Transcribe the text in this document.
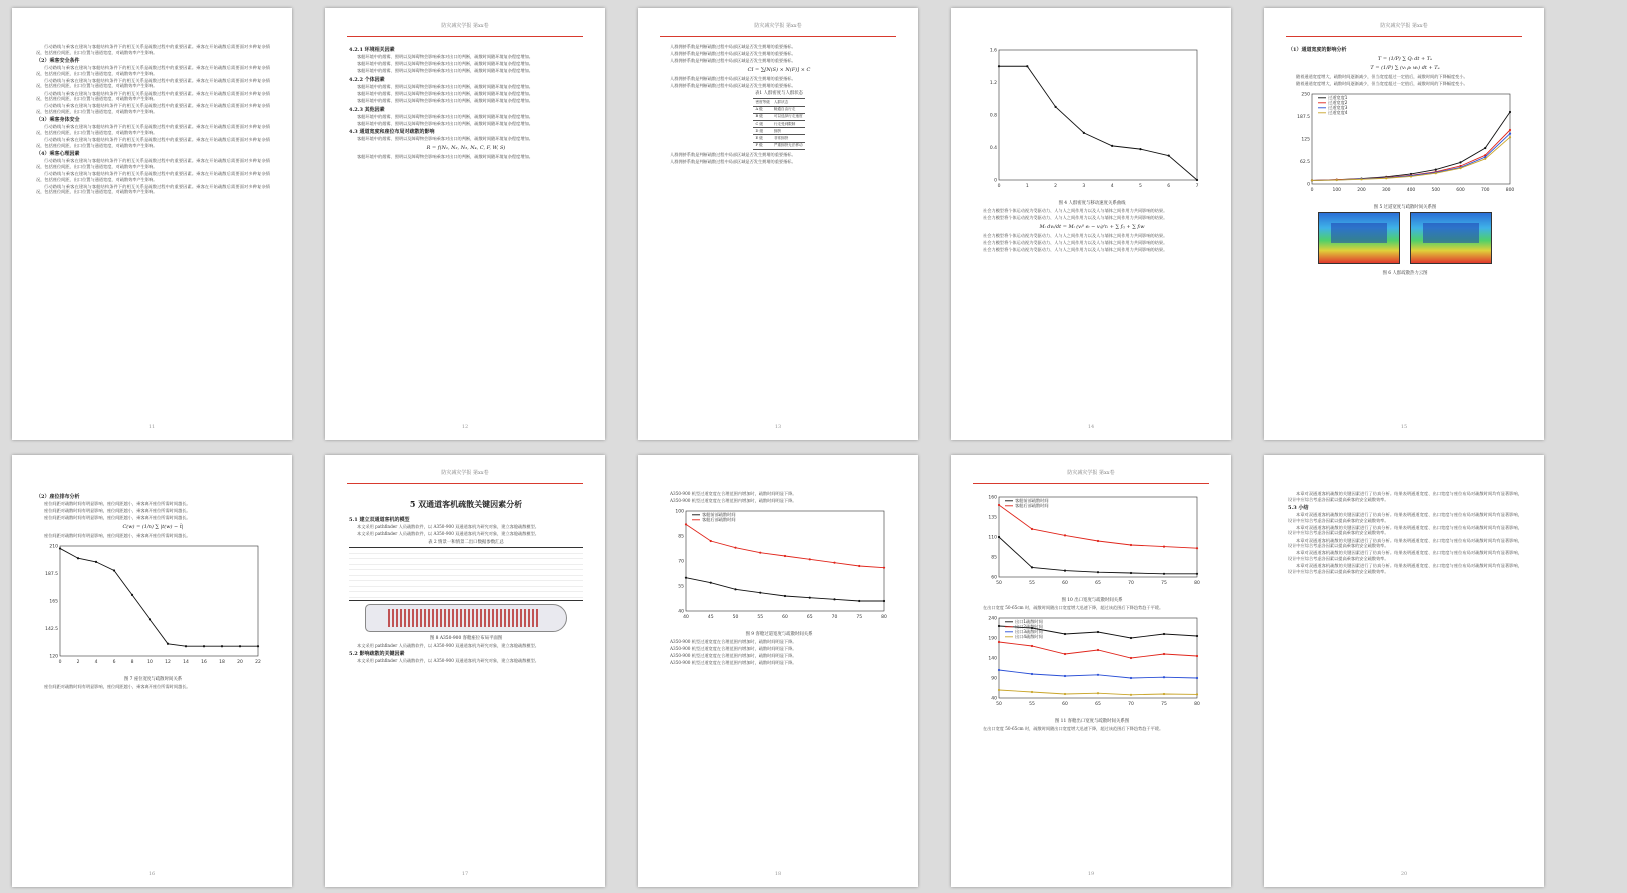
行动路线与乘客在建筑与客舱结构条件下的相互关系是疏散过程中的重要因素。乘客在开始疏散后需要面对多种复杂情况，包括座位间距、出口位置与通道宽度，对疏散效率产生影响。

（2）乘客安全条件

行动路线与乘客在建筑与客舱结构条件下的相互关系是疏散过程中的重要因素。乘客在开始疏散后需要面对多种复杂情况，包括座位间距、出口位置与通道宽度，对疏散效率产生影响。

行动路线与乘客在建筑与客舱结构条件下的相互关系是疏散过程中的重要因素。乘客在开始疏散后需要面对多种复杂情况，包括座位间距、出口位置与通道宽度，对疏散效率产生影响。

行动路线与乘客在建筑与客舱结构条件下的相互关系是疏散过程中的重要因素。乘客在开始疏散后需要面对多种复杂情况，包括座位间距、出口位置与通道宽度，对疏散效率产生影响。

行动路线与乘客在建筑与客舱结构条件下的相互关系是疏散过程中的重要因素。乘客在开始疏散后需要面对多种复杂情况，包括座位间距、出口位置与通道宽度，对疏散效率产生影响。

（3）乘客身体安全

行动路线与乘客在建筑与客舱结构条件下的相互关系是疏散过程中的重要因素。乘客在开始疏散后需要面对多种复杂情况，包括座位间距、出口位置与通道宽度，对疏散效率产生影响。

行动路线与乘客在建筑与客舱结构条件下的相互关系是疏散过程中的重要因素。乘客在开始疏散后需要面对多种复杂情况，包括座位间距、出口位置与通道宽度，对疏散效率产生影响。

（4）乘客心理因素

行动路线与乘客在建筑与客舱结构条件下的相互关系是疏散过程中的重要因素。乘客在开始疏散后需要面对多种复杂情况，包括座位间距、出口位置与通道宽度，对疏散效率产生影响。

行动路线与乘客在建筑与客舱结构条件下的相互关系是疏散过程中的重要因素。乘客在开始疏散后需要面对多种复杂情况，包括座位间距、出口位置与通道宽度，对疏散效率产生影响。

行动路线与乘客在建筑与客舱结构条件下的相互关系是疏散过程中的重要因素。乘客在开始疏散后需要面对多种复杂情况，包括座位间距、出口位置与通道宽度，对疏散效率产生影响。

11
防灾减灾学报 第xx卷
4.2.1 环境相关因素

客舱环境中的烟雾、照明以及障碍物会影响乘客对出口的判断，疏散时间随环境复杂程度增加。

客舱环境中的烟雾、照明以及障碍物会影响乘客对出口的判断，疏散时间随环境复杂程度增加。

客舱环境中的烟雾、照明以及障碍物会影响乘客对出口的判断，疏散时间随环境复杂程度增加。

4.2.2 个体因素

客舱环境中的烟雾、照明以及障碍物会影响乘客对出口的判断，疏散时间随环境复杂程度增加。

客舱环境中的烟雾、照明以及障碍物会影响乘客对出口的判断，疏散时间随环境复杂程度增加。

客舱环境中的烟雾、照明以及障碍物会影响乘客对出口的判断，疏散时间随环境复杂程度增加。

4.2.3 其他因素

客舱环境中的烟雾、照明以及障碍物会影响乘客对出口的判断，疏散时间随环境复杂程度增加。

客舱环境中的烟雾、照明以及障碍物会影响乘客对出口的判断，疏散时间随环境复杂程度增加。

4.3 通道宽度和座位布局对疏散的影响

客舱环境中的烟雾、照明以及障碍物会影响乘客对出口的判断，疏散时间随环境复杂程度增加。

R = f(N₁, N₂, N₃, N₄, C, F, W, S)

客舱环境中的烟雾、照明以及障碍物会影响乘客对出口的判断，疏散时间随环境复杂程度增加。

12
防灾减灾学报 第xx卷

人群拥挤系数是判断疏散过程中局部区域是否发生拥堵的重要指标。

人群拥挤系数是判断疏散过程中局部区域是否发生拥堵的重要指标。

人群拥挤系数是判断疏散过程中局部区域是否发生拥堵的重要指标。

CI = ∑[N(S) × N(F)] × C

人群拥挤系数是判断疏散过程中局部区域是否发生拥堵的重要指标。

人群拥挤系数是判断疏散过程中局部区域是否发生拥堵的重要指标。

表1 人群密度与人群状态
密度等级	人群状态
A 级	畅通自由行走
B 级	可以选择行走速度
C 级	行走受到限制
D 级	拥挤
E 级	非常拥挤
F 级	严重拥挤无法移动

人群拥挤系数是判断疏散过程中局部区域是否发生拥堵的重要指标。

人群拥挤系数是判断疏散过程中局部区域是否发生拥堵的重要指标。

13
0	1	2	3	4	5	6	7
0
0.4
0.8
1.2
1.6
图 4 人群密度与移动速度关系曲线

社会力模型将个体运动视为受驱动力、人与人之间作用力以及人与墙体之间作用力共同影响的结果。

社会力模型将个体运动视为受驱动力、人与人之间作用力以及人与墙体之间作用力共同影响的结果。

Mᵢ dvᵢ/dt = Mᵢ (vᵢ⁰ eᵢ − vᵢ)/τᵢ + ∑ fᵢⱼ + ∑ fᵢw

社会力模型将个体运动视为受驱动力、人与人之间作用力以及人与墙体之间作用力共同影响的结果。

社会力模型将个体运动视为受驱动力、人与人之间作用力以及人与墙体之间作用力共同影响的结果。

社会力模型将个体运动视为受驱动力、人与人之间作用力以及人与墙体之间作用力共同影响的结果。

14
防灾减灾学报 第xx卷
（1）通道宽度的影响分析
T = (1/P) ∑ Qᵢ dt + Tₑ
T = (1/P) ∑ (vᵢ ρᵢ wᵢ) dt + Tₑ

随着通道宽度增大，疏散时间逐渐减少，但当宽度超过一定值后，疏散时间的下降幅度变小。

随着通道宽度增大，疏散时间逐渐减少，但当宽度超过一定值后，疏散时间的下降幅度变小。

0	100	200	300	400	500	600	700	800
0
62.5
125
187.5
250	过道宽度1
过道宽度2
过道宽度3
过道宽度4
图 5 过道宽度与疏散时间关系图

图 6 人群疏散热力云图
15
（2）座位排布分析

座位间距对疏散时间有明显影响，座位间距越小，乘客离开座位所需时间越长。

座位间距对疏散时间有明显影响，座位间距越小，乘客离开座位所需时间越长。

座位间距对疏散时间有明显影响，座位间距越小，乘客离开座位所需时间越长。

C(w) = (1/n) ∑ |t(w) − t̄|

座位间距对疏散时间有明显影响，座位间距越小，乘客离开座位所需时间越长。

0	2	4	6	8	10	12	14	16	18	20	22
120
142.5
165
187.5
210
图 7 座位宽度与疏散时间关系

座位间距对疏散时间有明显影响，座位间距越小，乘客离开座位所需时间越长。

16
防灾减灾学报 第xx卷
5 双通道客机疏散关键因素分析
5.1 建立双通道客机的模型

本文采用 pathfinder 人员疏散软件，以 A350-900 双通道客机为研究对象，建立客舱疏散模型。

本文采用 pathfinder 人员疏散软件，以 A350-900 双通道客机为研究对象，建立客舱疏散模型。

表 2 情景一和情景二出口数据参数汇总
图 8 A350-900 客舱座位布局平面图

本文采用 pathfinder 人员疏散软件，以 A350-900 双通道客机为研究对象，建立客舱疏散模型。

5.2 影响疏散的关键因素

本文采用 pathfinder 人员疏散软件，以 A350-900 双通道客机为研究对象，建立客舱疏散模型。

17

A350-900 机型过道宽度在合理范围内增加时，疏散时间明显下降。

A350-900 机型过道宽度在合理范围内增加时，疏散时间明显下降。

40	45	50	55	60	65	70	75	80
40
55
70
85
100	客舱前部疏散时间
客舱后部疏散时间
图 9 客舱过道宽度与疏散时间关系

A350-900 机型过道宽度在合理范围内增加时，疏散时间明显下降。

A350-900 机型过道宽度在合理范围内增加时，疏散时间明显下降。

A350-900 机型过道宽度在合理范围内增加时，疏散时间明显下降。

A350-900 机型过道宽度在合理范围内增加时，疏散时间明显下降。

18
防灾减灾学报 第xx卷
50	55	60	65	70	75	80
60
85
110
135
160	客舱前部疏散时间
客舱后部疏散时间
图 10 出口宽度与疏散时间关系

在出口宽度 50-65cm 时，疏散时间随出口宽度增大迅速下降，超过该范围后下降趋势趋于平缓。

50	55	60	65	70	75	80
40
90
140
190
240	出口1疏散时间
出口2疏散时间
出口3疏散时间
出口4疏散时间
图 11 客舱出口宽度与疏散时间关系图

在出口宽度 50-65cm 时，疏散时间随出口宽度增大迅速下降，超过该范围后下降趋势趋于平缓。

19

本章对双通道客机疏散的关键因素进行了仿真分析。结果表明通道宽度、出口宽度与座位布局对疏散时间均有显著影响，设计中应综合考虑各因素以提高乘客的安全疏散效率。

5.3 小结

本章对双通道客机疏散的关键因素进行了仿真分析。结果表明通道宽度、出口宽度与座位布局对疏散时间均有显著影响，设计中应综合考虑各因素以提高乘客的安全疏散效率。

本章对双通道客机疏散的关键因素进行了仿真分析。结果表明通道宽度、出口宽度与座位布局对疏散时间均有显著影响，设计中应综合考虑各因素以提高乘客的安全疏散效率。

本章对双通道客机疏散的关键因素进行了仿真分析。结果表明通道宽度、出口宽度与座位布局对疏散时间均有显著影响，设计中应综合考虑各因素以提高乘客的安全疏散效率。

本章对双通道客机疏散的关键因素进行了仿真分析。结果表明通道宽度、出口宽度与座位布局对疏散时间均有显著影响，设计中应综合考虑各因素以提高乘客的安全疏散效率。

本章对双通道客机疏散的关键因素进行了仿真分析。结果表明通道宽度、出口宽度与座位布局对疏散时间均有显著影响，设计中应综合考虑各因素以提高乘客的安全疏散效率。

20
